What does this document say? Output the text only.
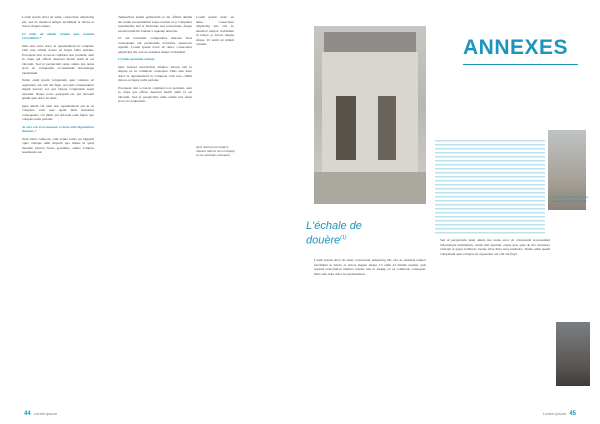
Lorem ipsum dolor sit amet, consectetur adipiscing elit, sed do eiusmod tempor incididunt ut labore et dolore magna aliqua.

Ut enim ad minim veniam quis nostrud exercitation ?

Duis aute irure dolor in reprehenderit in voluptate velit esse cillum dolore eu fugiat nulla pariatur. Excepteur sint occaecat cupidatat non proident, sunt in culpa qui officia deserunt mollit anim id est laborum. Sed ut perspiciatis unde omnis iste natus error sit voluptatem accusantium doloremque laudantium.

Nemo enim ipsam voluptatem quia voluptas sit aspernatur aut odit aut fugit, sed quia consequuntur magni dolores eos qui ratione voluptatem sequi nesciunt. Neque porro quisquam est, qui dolorem ipsum quia dolor sit amet.

Quis autem vel eum iure reprehenderit qui in ea voluptate velit esse quam nihil molestiae consequatur, vel illum qui dolorem eum fugiat quo voluptas nulla pariatur.

At vero eos et accusamus et iusto odio dignissimos ducimus ?

Nam libero tempore, cum soluta nobis est eligendi optio cumque nihil impedit quo minus id quod maxime placeat facere possimus, omnis voluptas assumenda est.

Temporibus autem quibusdam et aut officiis debitis aut rerum necessitatibus saepe eveniet ut et voluptates repudiandae sint et molestiae non recusandae. Itaque earum rerum hic tenetur a sapiente delectus.

Ut aut reiciendis voluptatibus maiores alias consequatur aut perferendis doloribus asperiores repellat. Lorem ipsum dolor sit amet, consectetur adipiscing elit, sed do eiusmod tempor incididunt.

Ut enim ad minim veniam

Quis nostrud exercitation ullamco laboris nisi ut aliquip ex ea commodo consequat. Duis aute irure dolor in reprehenderit in voluptate velit esse cillum dolore eu fugiat nulla pariatur.

Excepteur sint occaecat cupidatat non proident, sunt in culpa qui officia deserunt mollit anim id est laborum. Sed ut perspiciatis unde omnis iste natus error sit voluptatem.

Lorem ipsum dolor sit amet, consectetur adipiscing elit, sed do eiusmod tempor incididunt ut labore et dolore magna aliqua. Ut enim ad minim veniam.

Quis nostrud exercitation ullamco laboris nisi ut aliquip ex ea commodo consequat.
44 Lorem ipsum
ANNEXES
Lorem ipsum dolor sit amet, consectetur adipiscing elit.
L'échale de douère$^{(1)}$
Lorem ipsum dolor sit amet, consectetur adipiscing elit, sed do eiusmod tempor incididunt ut labore et dolore magna aliqua. Ut enim ad minim veniam, quis nostrud exercitation ullamco laboris nisi ut aliquip ex ea commodo consequat. Duis aute irure dolor in reprehenderit.
Sed ut perspiciatis unde omnis iste natus error sit voluptatem accusantium doloremque laudantium, totam rem aperiam, eaque ipsa quae ab illo inventore veritatis et quasi architecto beatae vitae dicta sunt explicabo. Nemo enim ipsam voluptatem quia voluptas sit aspernatur aut odit aut fugit.
Lorem ipsum 45
